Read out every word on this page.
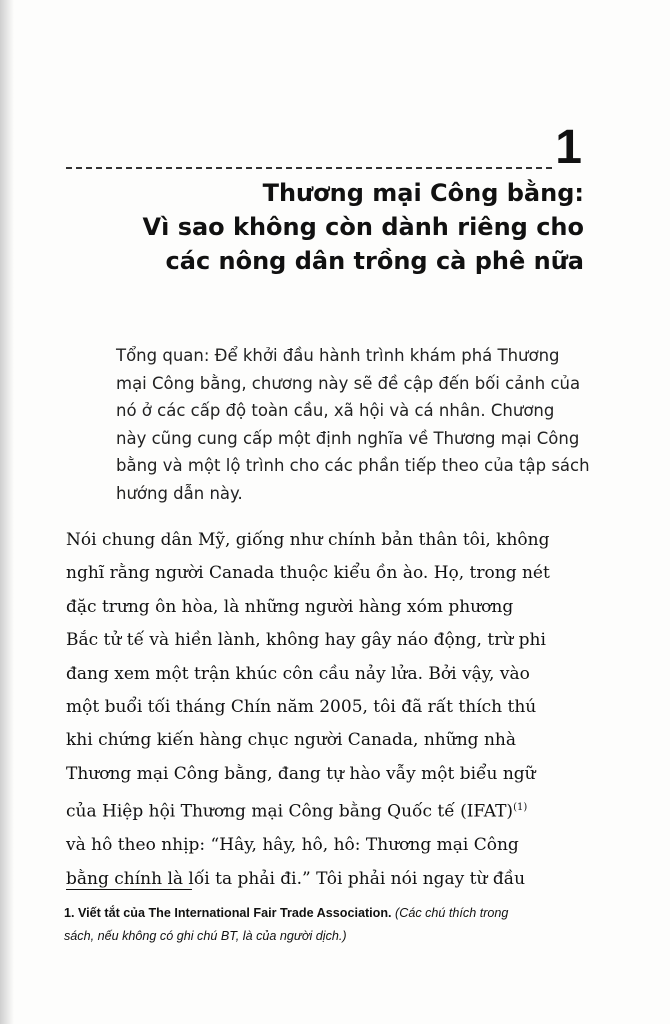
1
Thương mại Công bằng:
Vì sao không còn dành riêng cho
các nông dân trồng cà phê nữa
Tổng quan: Để khởi đầu hành trình khám phá Thương
mại Công bằng, chương này sẽ đề cập đến bối cảnh của
nó ở các cấp độ toàn cầu, xã hội và cá nhân. Chương
này cũng cung cấp một định nghĩa về Thương mại Công
bằng và một lộ trình cho các phần tiếp theo của tập sách
hướng dẫn này.
Nói chung dân Mỹ, giống như chính bản thân tôi, không
nghĩ rằng người Canada thuộc kiểu ồn ào. Họ, trong nét
đặc trưng ôn hòa, là những người hàng xóm phương
Bắc tử tế và hiền lành, không hay gây náo động, trừ phi
đang xem một trận khúc côn cầu nảy lửa. Bởi vậy, vào
một buổi tối tháng Chín năm 2005, tôi đã rất thích thú
khi chứng kiến hàng chục người Canada, những nhà
Thương mại Công bằng, đang tự hào vẫy một biểu ngữ
của Hiệp hội Thương mại Công bằng Quốc tế (IFAT)$^{(1)}$
và hô theo nhịp: “Hây, hây, hô, hô: Thương mại Công
bằng chính là lối ta phải đi.” Tôi phải nói ngay từ đầu
1. Viết tắt của The International Fair Trade Association. (Các chú thích trong
sách, nếu không có ghi chú BT, là của người dịch.)
